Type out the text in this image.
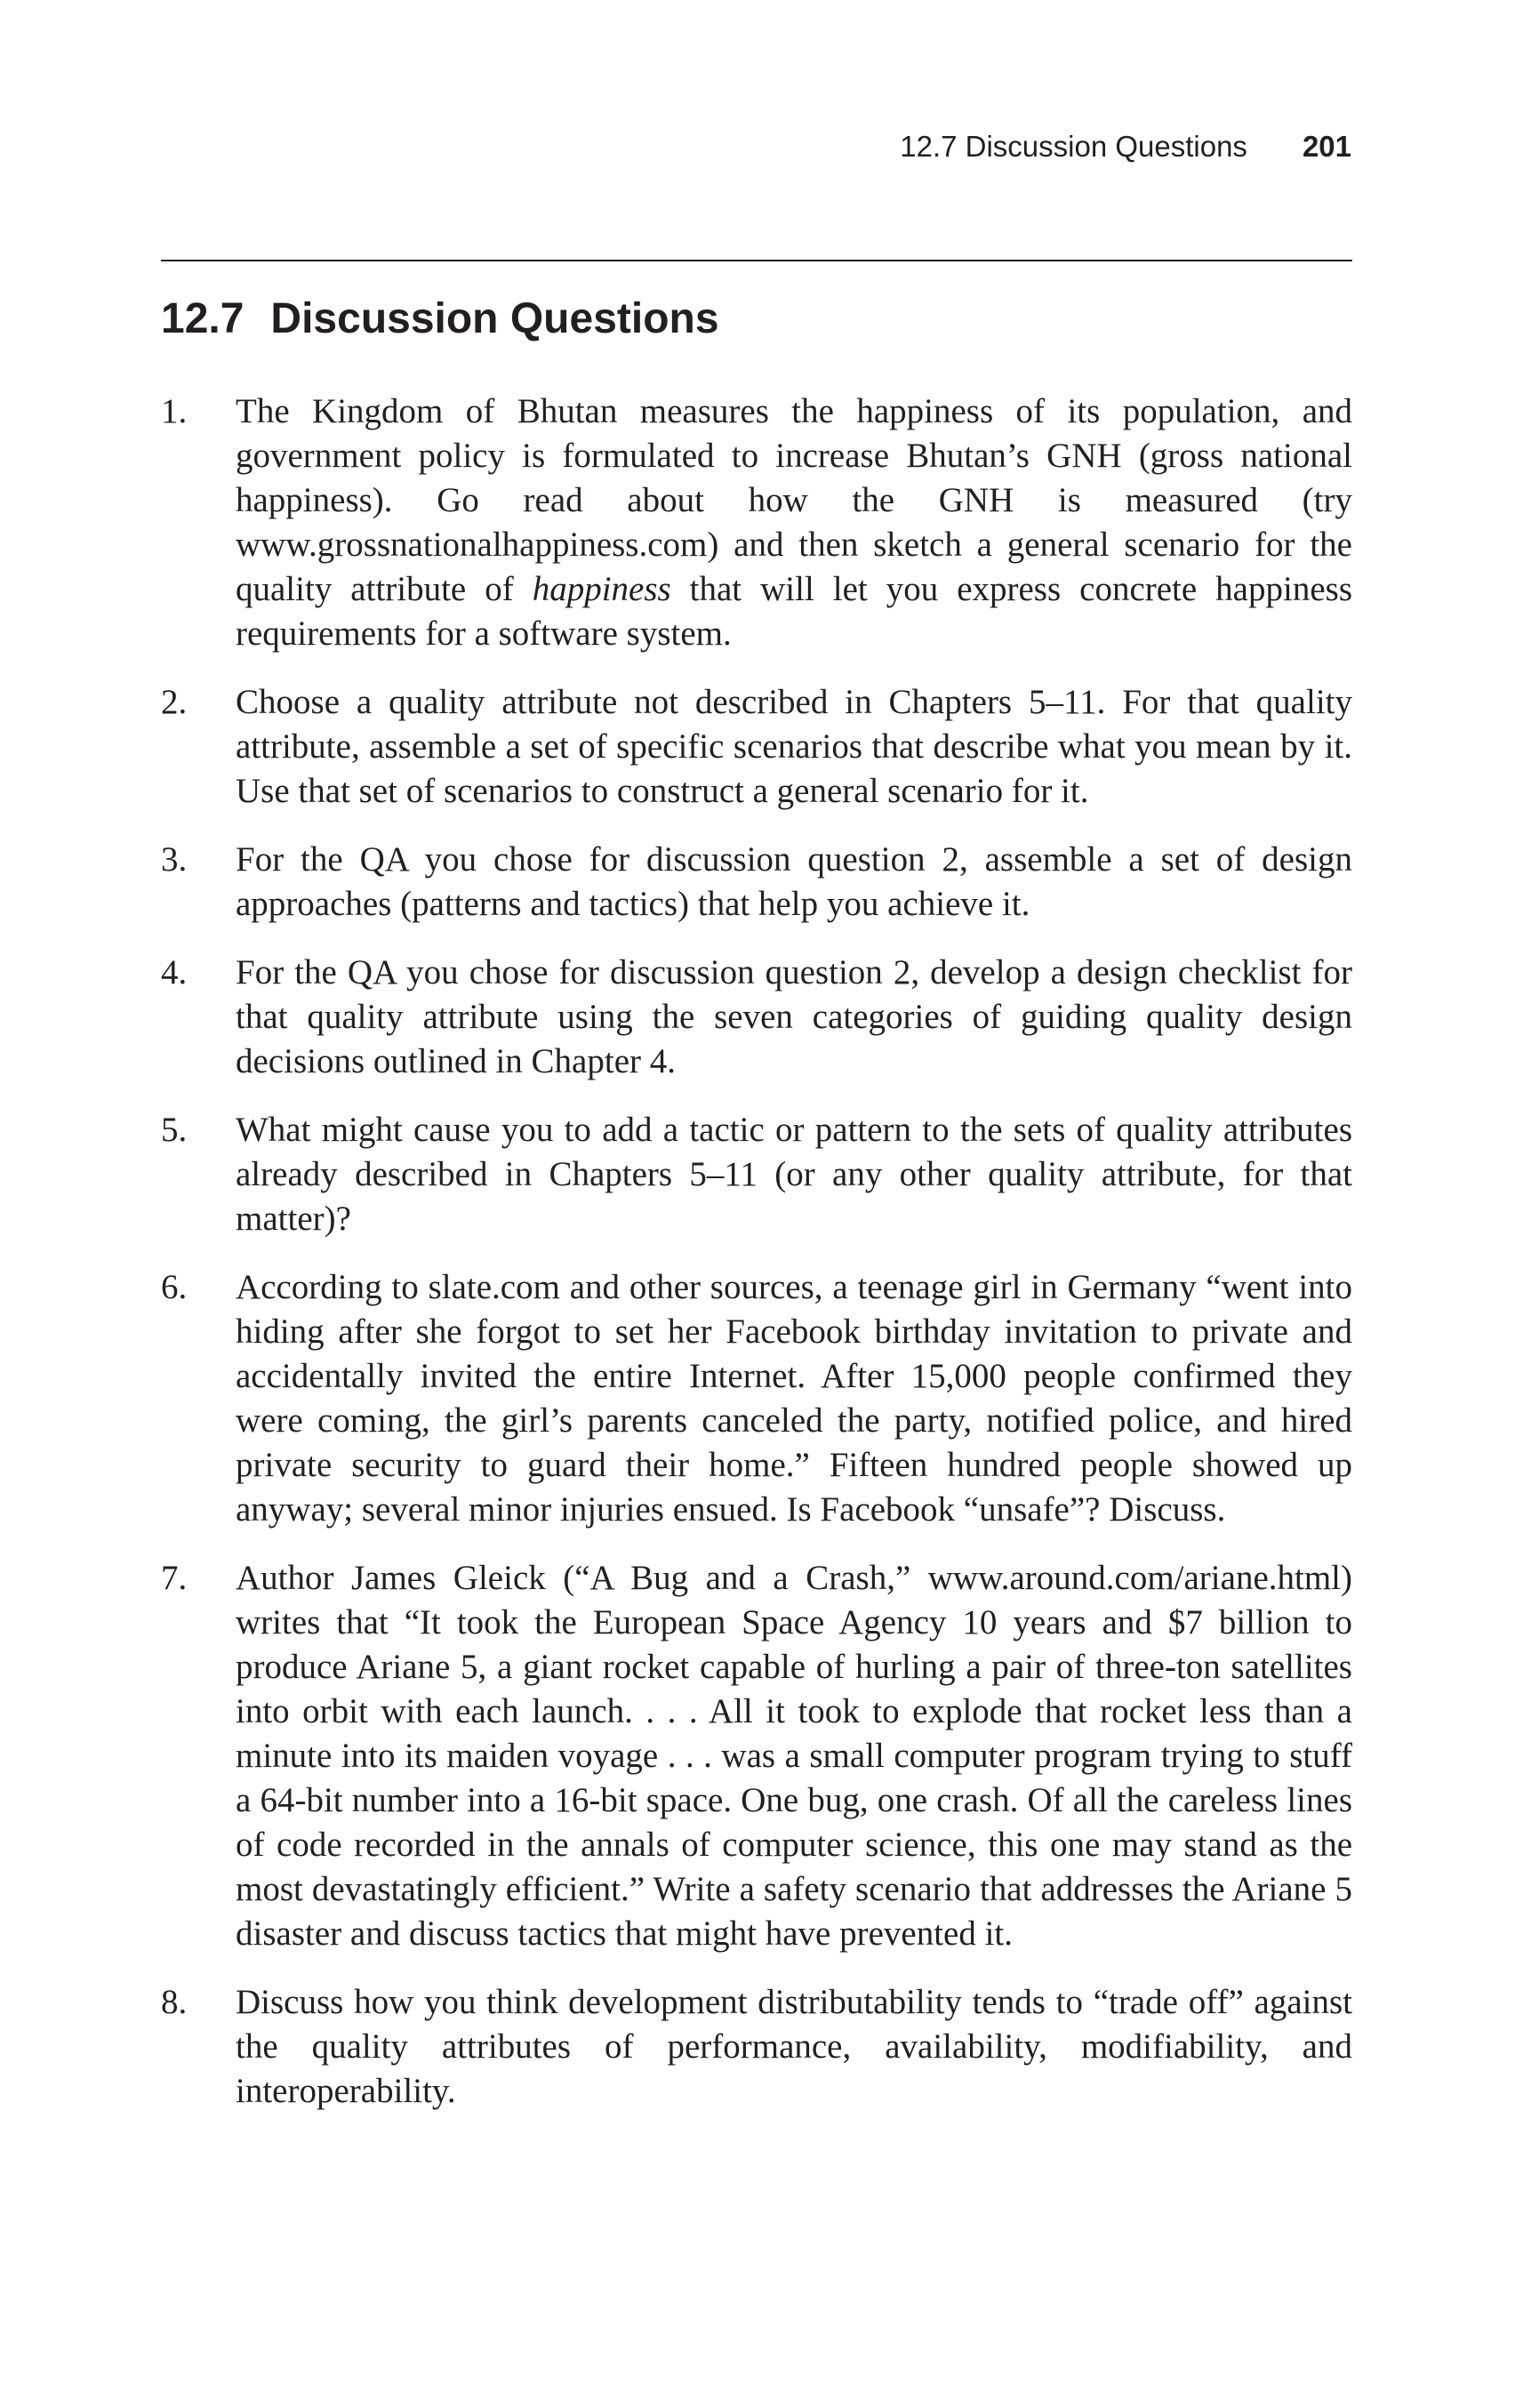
12.7 Discussion Questions 201
12.7 Discussion Questions
1.	The Kingdom of Bhutan measures the happiness of its population, and government policy is formulated to increase Bhutan’s GNH (gross national happiness). Go read about how the GNH is measured (try www.grossnationalhappiness.com) and then sketch a general scenario for the quality attribute of happiness that will let you express concrete happiness requirements for a software system.
2.	Choose a quality attribute not described in Chapters 5–11. For that quality attribute, assemble a set of specific scenarios that describe what you mean by it. Use that set of scenarios to construct a general scenario for it.
3.	For the QA you chose for discussion question 2, assemble a set of design approaches (patterns and tactics) that help you achieve it.
4.	For the QA you chose for discussion question 2, develop a design checklist for that quality attribute using the seven categories of guiding quality design decisions outlined in Chapter 4.
5.	What might cause you to add a tactic or pattern to the sets of quality attributes already described in Chapters 5–11 (or any other quality attribute, for that matter)?
6.	According to slate.com and other sources, a teenage girl in Germany “went into hiding after she forgot to set her Facebook birthday invitation to private and accidentally invited the entire Internet. After 15,000 people confirmed they were coming, the girl’s parents canceled the party, notified police, and hired private security to guard their home.” Fifteen hundred people showed up anyway; several minor injuries ensued. Is Facebook “unsafe”? Discuss.
7.	Author James Gleick (“A Bug and a Crash,” www.around.com/ariane.html) writes that “It took the European Space Agency 10 years and $7 billion to produce Ariane 5, a giant rocket capable of hurling a pair of three-ton satellites into orbit with each launch. . . . All it took to explode that rocket less than a minute into its maiden voyage . . . was a small computer program trying to stuff a 64-bit number into a 16-bit space. One bug, one crash. Of all the careless lines of code recorded in the annals of computer science, this one may stand as the most devastatingly efficient.” Write a safety scenario that addresses the Ariane 5 disaster and discuss tactics that might have prevented it.
8.	Discuss how you think development distributability tends to “trade off” against the quality attributes of performance, availability, modifiability, and interoperability.
